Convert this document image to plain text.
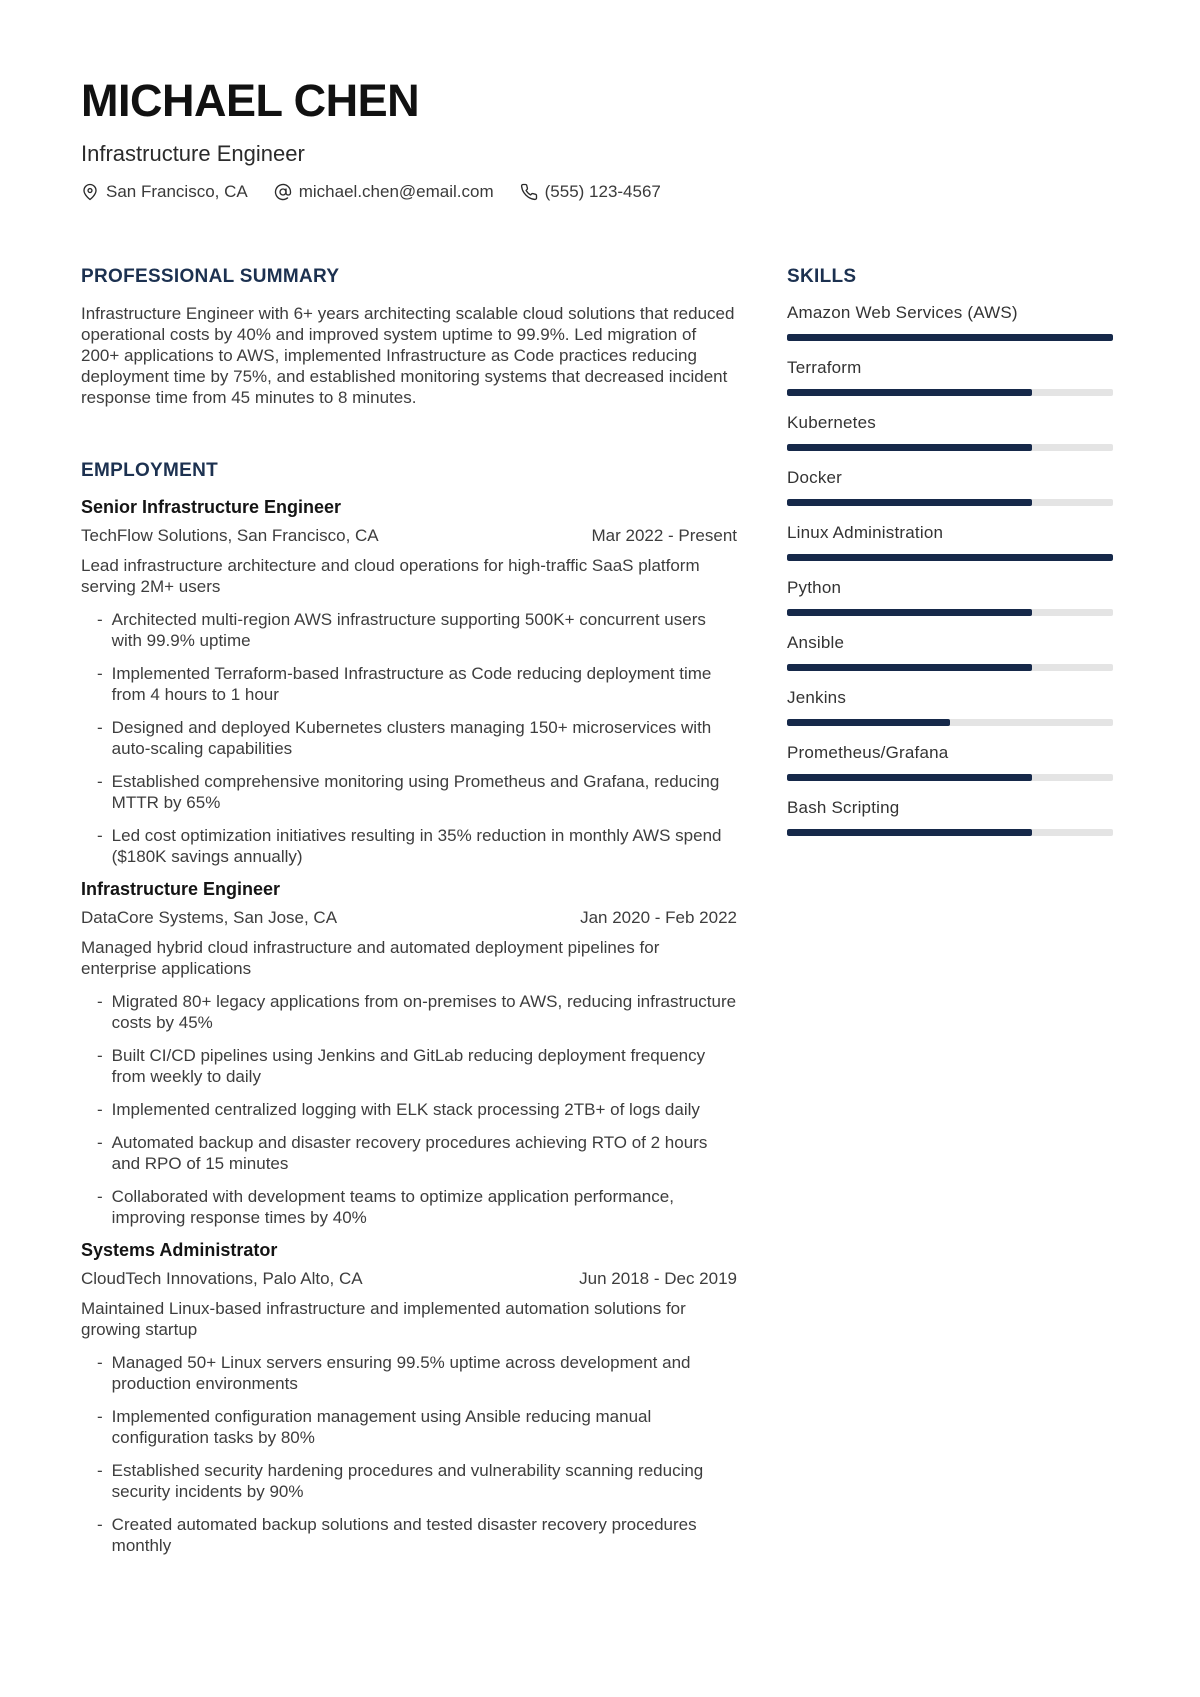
MICHAEL CHEN
Infrastructure Engineer
San Francisco, CA	michael.chen@email.com	(555) 123-4567
PROFESSIONAL SUMMARY

Infrastructure Engineer with 6+ years architecting scalable cloud solutions that reduced operational costs by 40% and improved system uptime to 99.9%. Led migration of 200+ applications to AWS, implemented Infrastructure as Code practices reducing deployment time by 75%, and established monitoring systems that decreased incident response time from 45 minutes to 8 minutes.

EMPLOYMENT
Senior Infrastructure Engineer
TechFlow Solutions, San Francisco, CA	Mar 2022 - Present

Lead infrastructure architecture and cloud operations for high-traffic SaaS platform serving 2M+ users

- Architected multi-region AWS infrastructure supporting 500K+ concurrent users with 99.9% uptime
- Implemented Terraform-based Infrastructure as Code reducing deployment time from 4 hours to 1 hour
- Designed and deployed Kubernetes clusters managing 150+ microservices with auto-scaling capabilities
- Established comprehensive monitoring using Prometheus and Grafana, reducing MTTR by 65%
- Led cost optimization initiatives resulting in 35% reduction in monthly AWS spend ($180K savings annually)
Infrastructure Engineer
DataCore Systems, San Jose, CA	Jan 2020 - Feb 2022

Managed hybrid cloud infrastructure and automated deployment pipelines for enterprise applications

- Migrated 80+ legacy applications from on-premises to AWS, reducing infrastructure costs by 45%
- Built CI/CD pipelines using Jenkins and GitLab reducing deployment frequency from weekly to daily
- Implemented centralized logging with ELK stack processing 2TB+ of logs daily
- Automated backup and disaster recovery procedures achieving RTO of 2 hours and RPO of 15 minutes
- Collaborated with development teams to optimize application performance, improving response times by 40%
Systems Administrator
CloudTech Innovations, Palo Alto, CA	Jun 2018 - Dec 2019

Maintained Linux-based infrastructure and implemented automation solutions for growing startup

- Managed 50+ Linux servers ensuring 99.5% uptime across development and production environments
- Implemented configuration management using Ansible reducing manual configuration tasks by 80%
- Established security hardening procedures and vulnerability scanning reducing security incidents by 90%
- Created automated backup solutions and tested disaster recovery procedures monthly
SKILLS
Amazon Web Services (AWS)
Terraform
Kubernetes
Docker
Linux Administration
Python
Ansible
Jenkins
Prometheus/Grafana
Bash Scripting
